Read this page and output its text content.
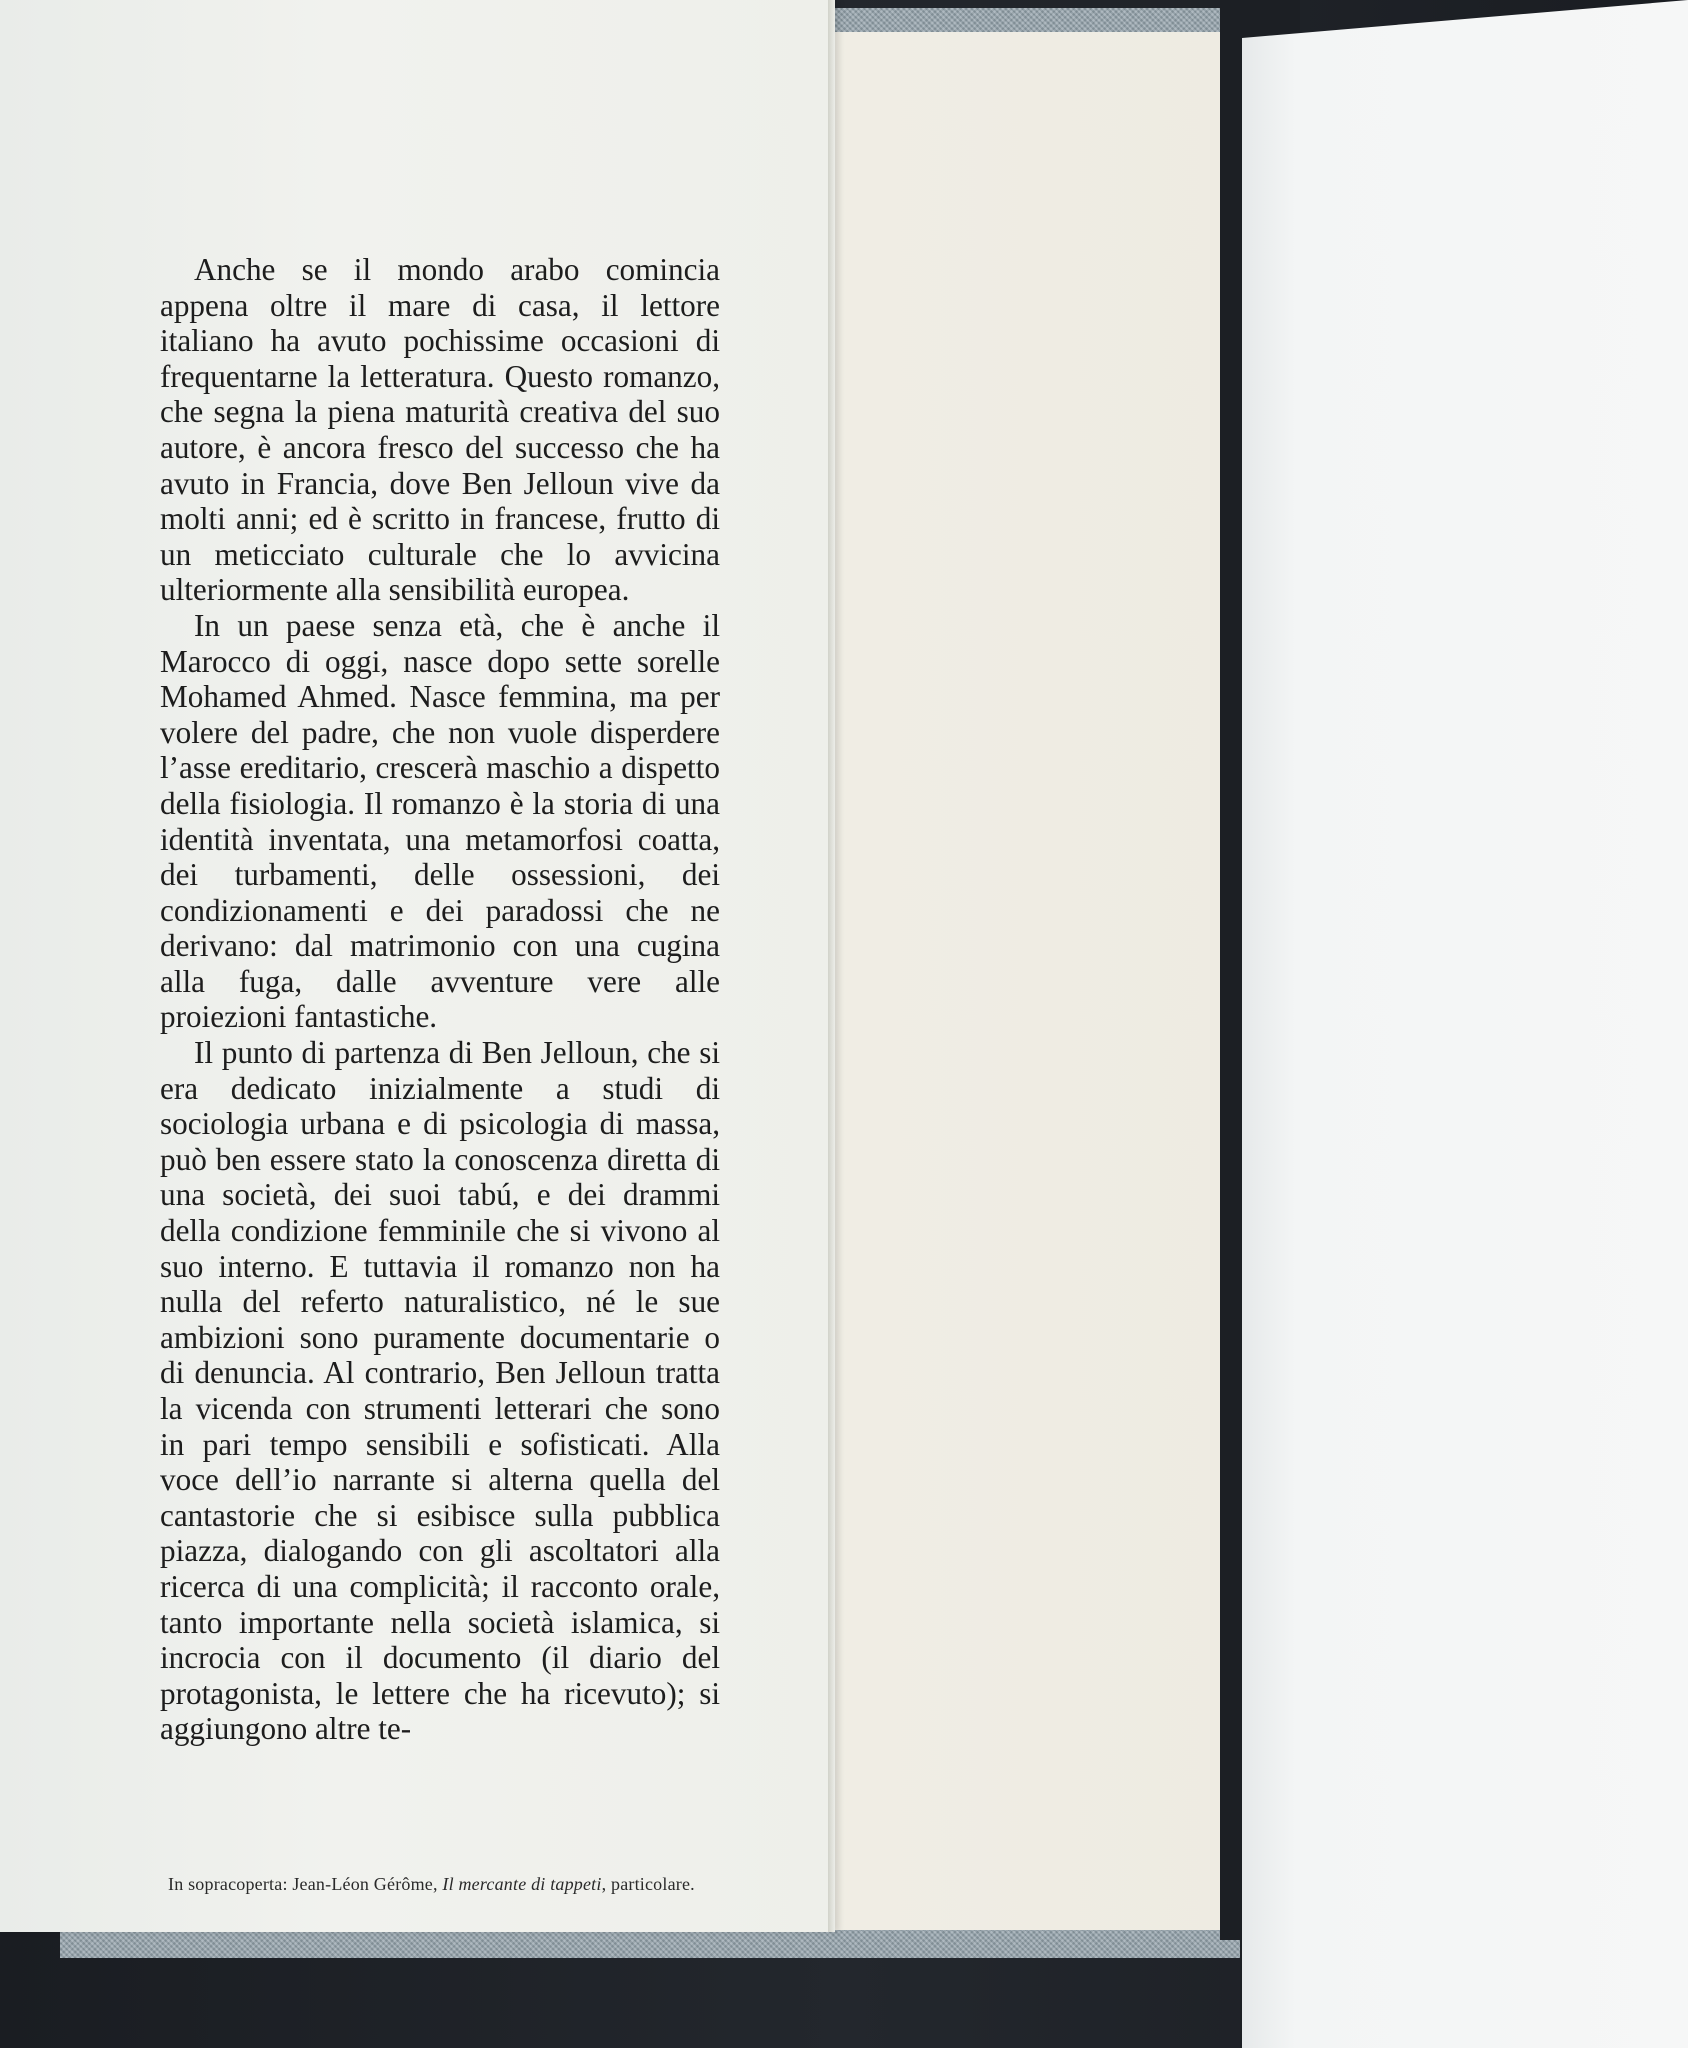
Anche se il mondo arabo comincia appena oltre il mare di casa, il lettore italiano ha avuto pochissime occasioni di frequentarne la letteratura. Questo romanzo, che segna la piena maturità creativa del suo autore, è ancora fresco del successo che ha avuto in Francia, dove Ben Jelloun vive da molti anni; ed è scritto in francese, frutto di un meticciato culturale che lo avvicina ulteriormente alla sensibilità europea.

In un paese senza età, che è anche il Marocco di oggi, nasce dopo sette sorelle Mohamed Ahmed. Nasce femmina, ma per volere del padre, che non vuole disperdere l’asse ereditario, crescerà maschio a dispetto della fisiologia. Il romanzo è la storia di una identità inventata, una metamorfosi coatta, dei turbamenti, delle ossessioni, dei condizionamenti e dei paradossi che ne derivano: dal matrimonio con una cugina alla fuga, dalle avventure vere alle proiezioni fantastiche.

Il punto di partenza di Ben Jelloun, che si era dedicato inizialmente a studi di sociologia urbana e di psicologia di massa, può ben essere stato la conoscenza diretta di una società, dei suoi tabú, e dei drammi della condizione femminile che si vivono al suo interno. E tuttavia il romanzo non ha nulla del referto naturalistico, né le sue ambizioni sono puramente documentarie o di denuncia. Al contrario, Ben Jelloun tratta la vicenda con strumenti letterari che sono in pari tempo sensibili e sofisticati. Alla voce dell’io narrante si alterna quella del cantastorie che si esibisce sulla pubblica piazza, dialogando con gli ascoltatori alla ricerca di una complicità; il racconto orale, tanto importante nella società islamica, si incrocia con il documento (il diario del protagonista, le lettere che ha ricevuto); si aggiungono altre te-

In sopracoperta: Jean-Léon Gérôme, Il mercante di tappeti, particolare.
